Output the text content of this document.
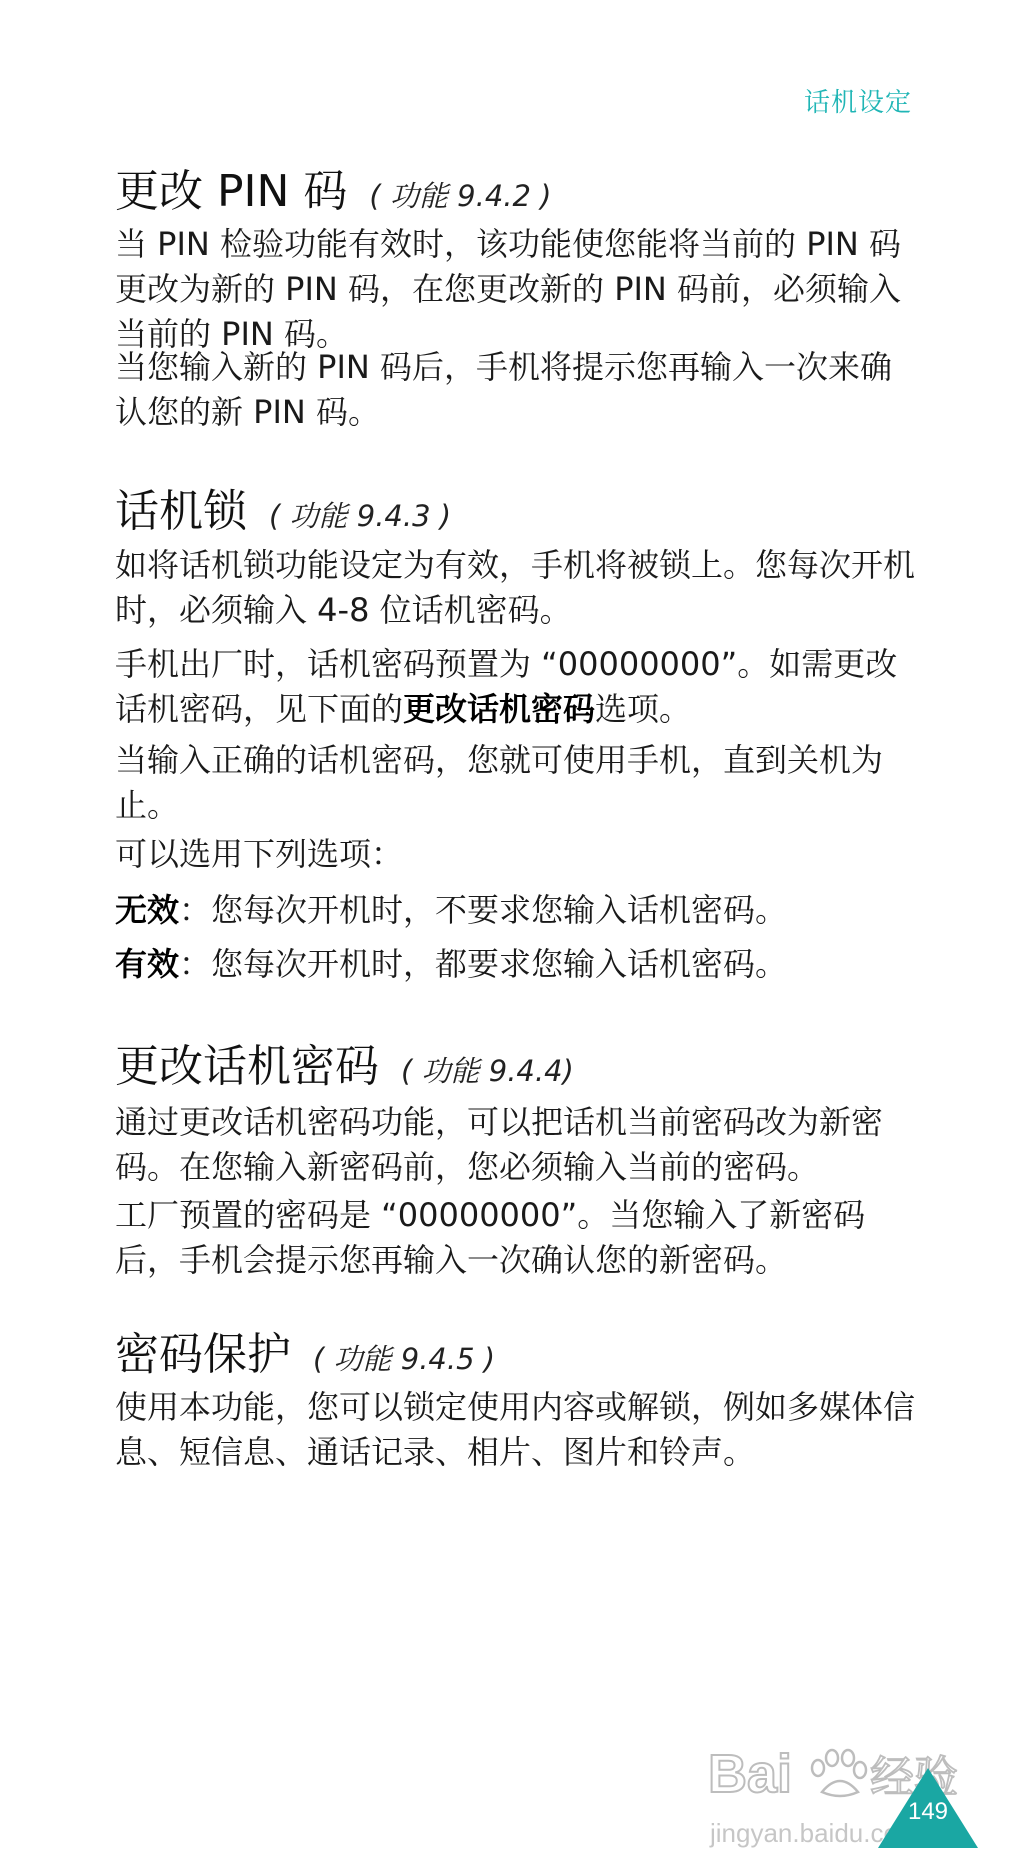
话机设定
更改 PIN 码 ( 功能 9.4.2 )
当 PIN 检验功能有效时，该功能使您能将当前的 PIN 码更改为新的 PIN 码，在您更改新的 PIN 码前，必须输入当前的 PIN 码。
当您输入新的 PIN 码后，手机将提示您再输入一次来确认您的新 PIN 码。
话机锁 ( 功能 9.4.3 )
如将话机锁功能设定为有效，手机将被锁上。您每次开机时，必须输入 4-8 位话机密码。
手机出厂时，话机密码预置为 “00000000”。如需更改话机密码，见下面的更改话机密码选项。
当输入正确的话机密码，您就可使用手机，直到关机为止。
可以选用下列选项：
无效：您每次开机时，不要求您输入话机密码。
有效：您每次开机时，都要求您输入话机密码。
更改话机密码 ( 功能 9.4.4)
通过更改话机密码功能，可以把话机当前密码改为新密码。在您输入新密码前，您必须输入当前的密码。
工厂预置的密码是 “00000000”。当您输入了新密码后，手机会提示您再输入一次确认您的新密码。
密码保护 ( 功能 9.4.5 )
使用本功能，您可以锁定使用内容或解锁，例如多媒体信息、短信息、通话记录、相片、图片和铃声。
Bai 经验
jingyan.baidu.com
149
